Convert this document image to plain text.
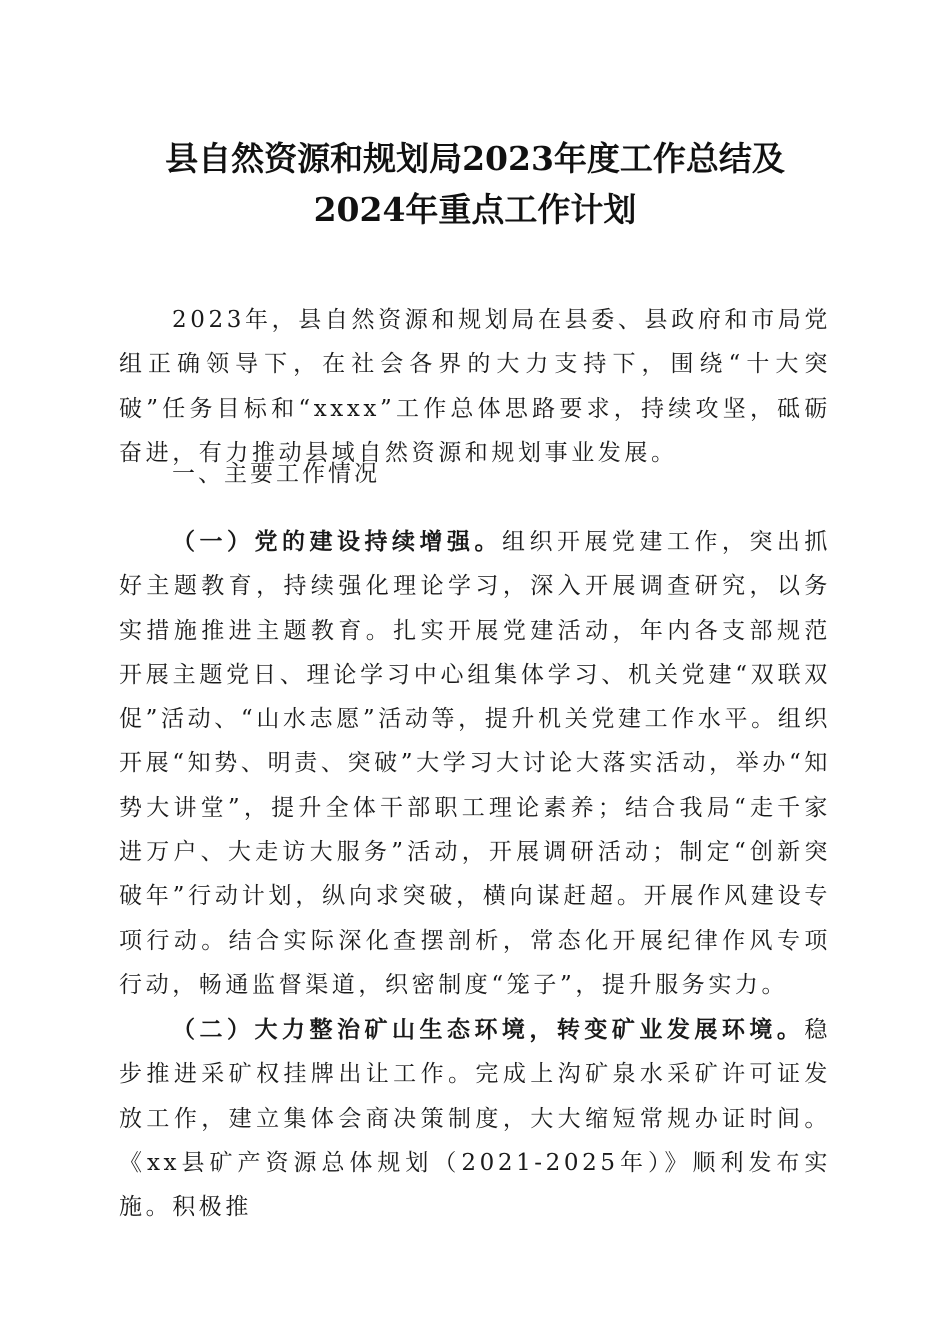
县自然资源和规划局2023年度工作总结及
2024年重点工作计划

2023年，县自然资源和规划局在县委、县政府和市局党组正确领导下，在社会各界的大力支持下，围绕“十大突破”任务目标和“xxxx”工作总体思路要求，持续攻坚，砥砺奋进，有力推动县域自然资源和规划事业发展。

一、主要工作情况

（一）党的建设持续增强。组织开展党建工作，突出抓好主题教育，持续强化理论学习，深入开展调查研究，以务实措施推进主题教育。扎实开展党建活动，年内各支部规范开展主题党日、理论学习中心组集体学习、机关党建“双联双促”活动、“山水志愿”活动等，提升机关党建工作水平。组织开展“知势、明责、突破”大学习大讨论大落实活动，举办“知势大讲堂”，提升全体干部职工理论素养；结合我局“走千家进万户、大走访大服务”活动，开展调研活动；制定“创新突破年”行动计划，纵向求突破，横向谋赶超。开展作风建设专项行动。结合实际深化查摆剖析，常态化开展纪律作风专项行动，畅通监督渠道，织密制度“笼子”，提升服务实力。

（二）大力整治矿山生态环境，转变矿业发展环境。稳步推进采矿权挂牌出让工作。完成上沟矿泉水采矿许可证发放工作，建立集体会商决策制度，大大缩短常规办证时间。《xx县矿产资源总体规划（2021-2025年）》顺利发布实施。积极推
